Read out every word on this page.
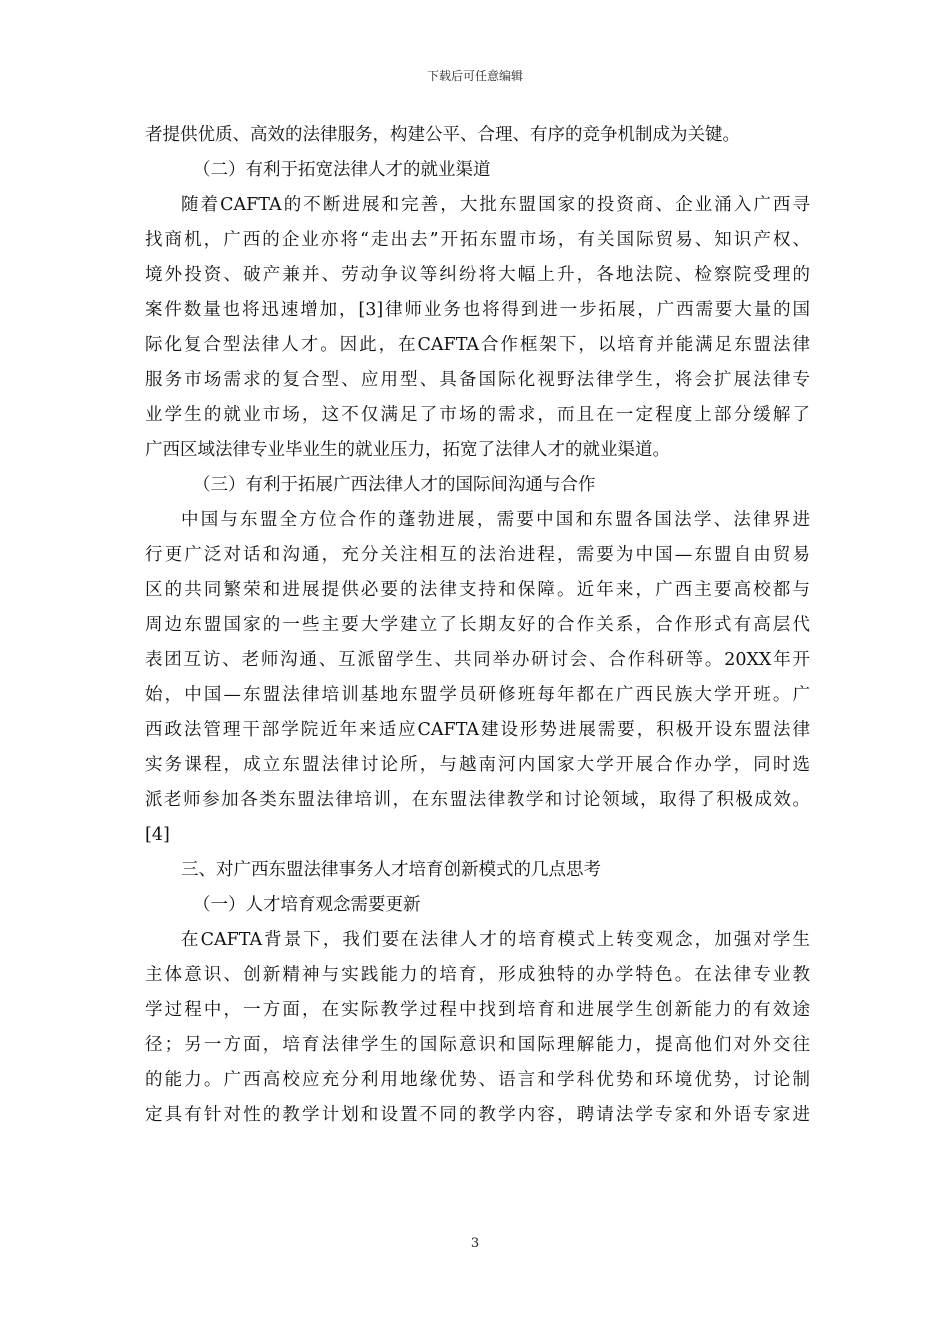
下载后可任意编辑
者提供优质、高效的法律服务，构建公平、合理、有序的竞争机制成为关键。
（二）有利于拓宽法律人才的就业渠道
随着CAFTA的不断进展和完善，大批东盟国家的投资商、企业涌入广西寻
找商机，广西的企业亦将“走出去”开拓东盟市场，有关国际贸易、知识产权、
境外投资、破产兼并、劳动争议等纠纷将大幅上升，各地法院、检察院受理的
案件数量也将迅速增加，[3]律师业务也将得到进一步拓展，广西需要大量的国
际化复合型法律人才。因此，在CAFTA合作框架下，以培育并能满足东盟法律
服务市场需求的复合型、应用型、具备国际化视野法律学生，将会扩展法律专
业学生的就业市场，这不仅满足了市场的需求，而且在一定程度上部分缓解了
广西区域法律专业毕业生的就业压力，拓宽了法律人才的就业渠道。
（三）有利于拓展广西法律人才的国际间沟通与合作
中国与东盟全方位合作的蓬勃进展，需要中国和东盟各国法学、法律界进
行更广泛对话和沟通，充分关注相互的法治进程，需要为中国—东盟自由贸易
区的共同繁荣和进展提供必要的法律支持和保障。近年来，广西主要高校都与
周边东盟国家的一些主要大学建立了长期友好的合作关系，合作形式有高层代
表团互访、老师沟通、互派留学生、共同举办研讨会、合作科研等。20XX年开
始，中国—东盟法律培训基地东盟学员研修班每年都在广西民族大学开班。广
西政法管理干部学院近年来适应CAFTA建设形势进展需要，积极开设东盟法律
实务课程，成立东盟法律讨论所，与越南河内国家大学开展合作办学，同时选
派老师参加各类东盟法律培训，在东盟法律教学和讨论领域，取得了积极成效。
[4]
三、对广西东盟法律事务人才培育创新模式的几点思考
（一）人才培育观念需要更新
在CAFTA背景下，我们要在法律人才的培育模式上转变观念，加强对学生
主体意识、创新精神与实践能力的培育，形成独特的办学特色。在法律专业教
学过程中，一方面，在实际教学过程中找到培育和进展学生创新能力的有效途
径；另一方面，培育法律学生的国际意识和国际理解能力，提高他们对外交往
的能力。广西高校应充分利用地缘优势、语言和学科优势和环境优势，讨论制
定具有针对性的教学计划和设置不同的教学内容，聘请法学专家和外语专家进
3
